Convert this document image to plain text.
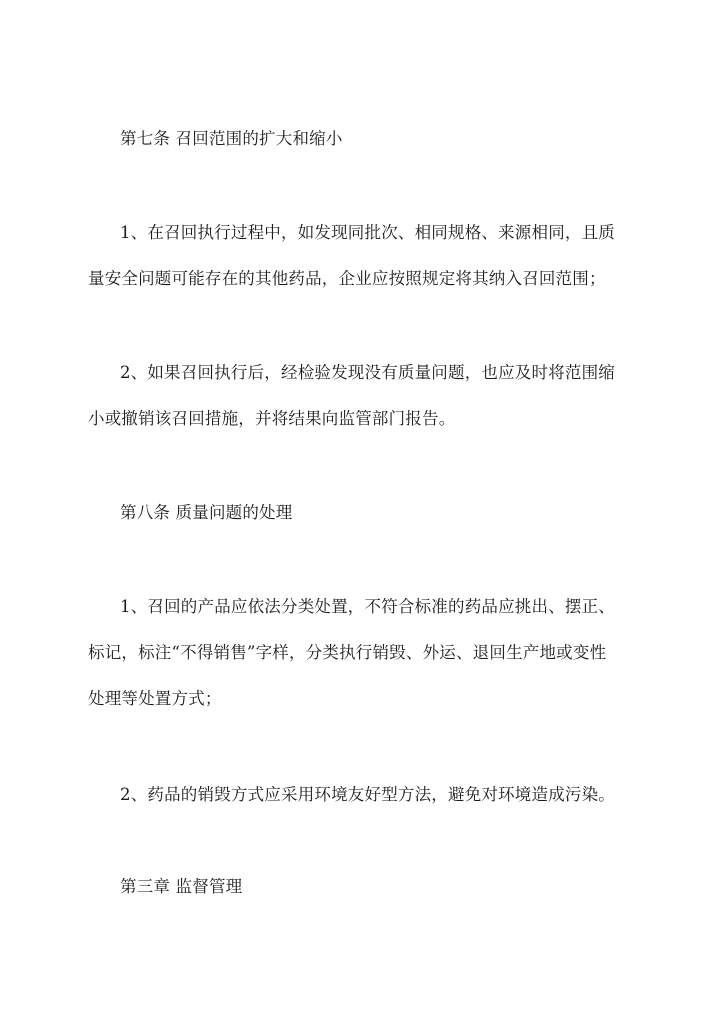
第七条 召回范围的扩大和缩小

1、在召回执行过程中，如发现同批次、相同规格、来源相同，且质
量安全问题可能存在的其他药品，企业应按照规定将其纳入召回范围；
2、如果召回执行后，经检验发现没有质量问题，也应及时将范围缩
小或撤销该召回措施，并将结果向监管部门报告。

第八条 质量问题的处理

1、召回的产品应依法分类处置，不符合标准的药品应挑出、摆正、
标记，标注“不得销售”字样，分类执行销毁、外运、退回生产地或变性
处理等处置方式；
2、药品的销毁方式应采用环境友好型方法，避免对环境造成污染。

第三章 监督管理
